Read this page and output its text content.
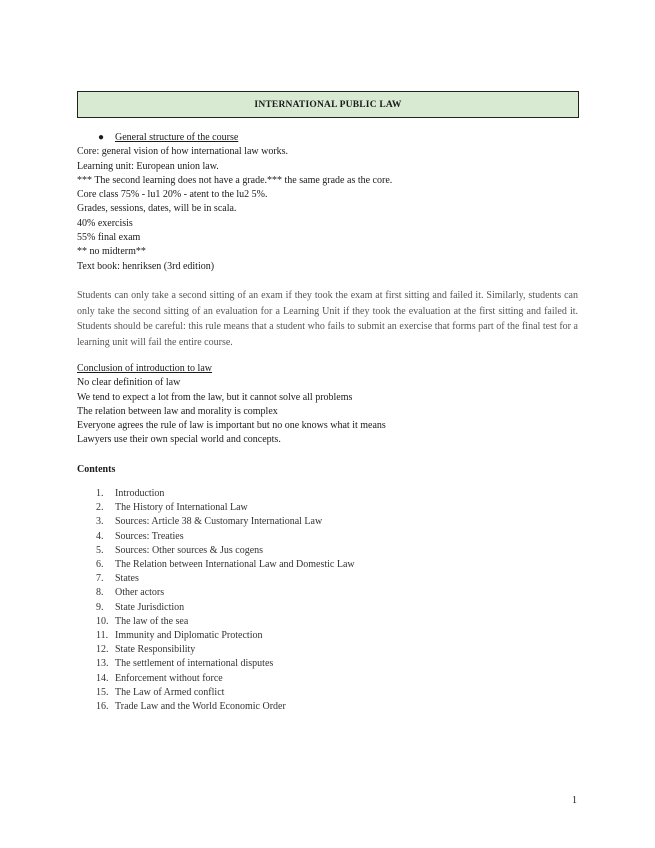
INTERNATIONAL PUBLIC LAW
● General structure of the course
Core: general vision of how international law works.
Learning unit: European union law.
*** The second learning does not have a grade.*** the same grade as the core.
Core class 75% - lu1 20% - atent to the lu2 5%.
Grades, sessions, dates, will be in scala.
40% exercisis
55% final exam
** no midterm**
Text book: henriksen (3rd edition)
Students can only take a second sitting of an exam if they took the exam at first sitting and failed it. Similarly, students can only take the second sitting of an evaluation for a Learning Unit if they took the evaluation at the first sitting and failed it. Students should be careful: this rule means that a student who fails to submit an exercise that forms part of the final test for a learning unit will fail the entire course.
Conclusion of introduction to law
No clear definition of law
We tend to expect a lot from the law, but it cannot solve all problems
The relation between law and morality is complex
Everyone agrees the rule of law is important but no one knows what it means
Lawyers use their own special world and concepts.
Contents
1.	Introduction
2.	The History of International Law
3.	Sources: Article 38 & Customary International Law
4.	Sources: Treaties
5.	Sources: Other sources & Jus cogens
6.	The Relation between International Law and Domestic Law
7.	States
8.	Other actors
9.	State Jurisdiction
10. The law of the sea
11. Immunity and Diplomatic Protection
12. State Responsibility
13. The settlement of international disputes
14. Enforcement without force
15. The Law of Armed conflict
16. Trade Law and the World Economic Order
1
